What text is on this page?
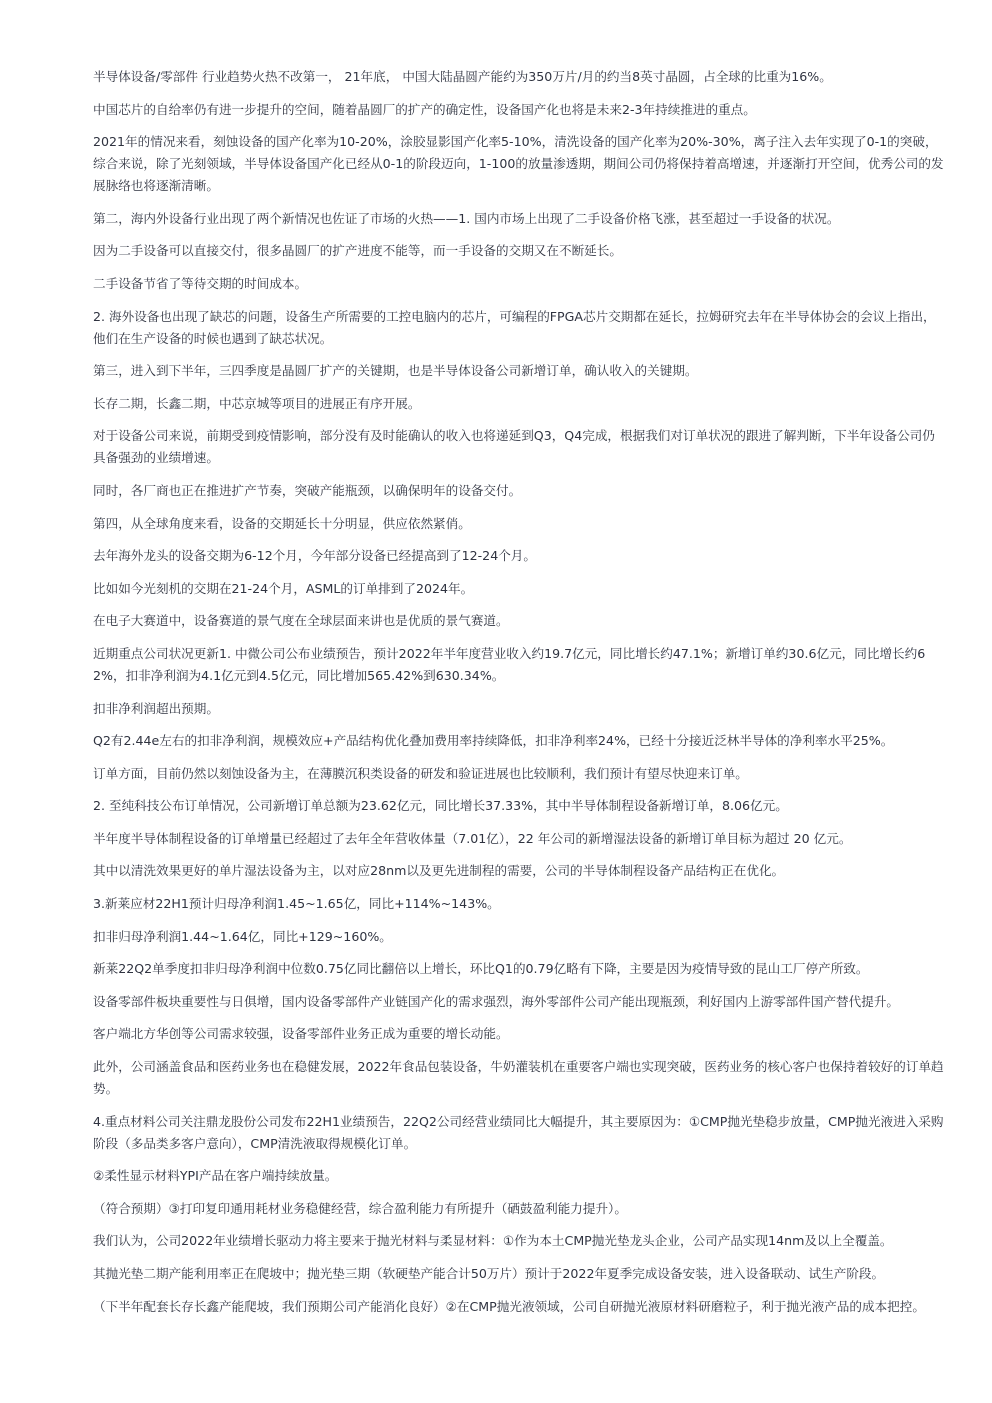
半导体设备/零部件 行业趋势火热不改第一， 21年底， 中国大陆晶圆产能约为350万片/月的约当8英寸晶圆，占全球的比重为16%。

中国芯片的自给率仍有进一步提升的空间，随着晶圆厂的扩产的确定性，设备国产化也将是未来2-3年持续推进的重点。

2021年的情况来看，刻蚀设备的国产化率为10-20%，涂胶显影国产化率5-10%，清洗设备的国产化率为20%-30%，离子注入去年实现了0-1的突破，综合来说，除了光刻领域，半导体设备国产化已经从0-1的阶段迈向，1-100的放量渗透期，期间公司仍将保持着高增速，并逐渐打开空间，优秀公司的发展脉络也将逐渐清晰。

第二，海内外设备行业出现了两个新情况也佐证了市场的火热——1. 国内市场上出现了二手设备价格飞涨，甚至超过一手设备的状况。

因为二手设备可以直接交付，很多晶圆厂的扩产进度不能等，而一手设备的交期又在不断延长。

二手设备节省了等待交期的时间成本。

2. 海外设备也出现了缺芯的问题，设备生产所需要的工控电脑内的芯片，可编程的FPGA芯片交期都在延长，拉姆研究去年在半导体协会的会议上指出，他们在生产设备的时候也遇到了缺芯状况。

第三，进入到下半年，三四季度是晶圆厂扩产的关键期，也是半导体设备公司新增订单，确认收入的关键期。

长存二期，长鑫二期，中芯京城等项目的进展正有序开展。

对于设备公司来说，前期受到疫情影响，部分没有及时能确认的收入也将递延到Q3，Q4完成，根据我们对订单状况的跟进了解判断，下半年设备公司仍具备强劲的业绩增速。

同时，各厂商也正在推进扩产节奏，突破产能瓶颈，以确保明年的设备交付。

第四，从全球角度来看，设备的交期延长十分明显，供应依然紧俏。

去年海外龙头的设备交期为6-12个月，今年部分设备已经提高到了12-24个月。

比如如今光刻机的交期在21-24个月，ASML的订单排到了2024年。

在电子大赛道中，设备赛道的景气度在全球层面来讲也是优质的景气赛道。

近期重点公司状况更新1. 中微公司公布业绩预告，预计2022年半年度营业收入约19.7亿元，同比增长约47.1%；新增订单约30.6亿元，同比增长约62%，扣非净利润为4.1亿元到4.5亿元，同比增加565.42%到630.34%。

扣非净利润超出预期。

Q2有2.44e左右的扣非净利润，规模效应+产品结构优化叠加费用率持续降低，扣非净利率24%，已经十分接近泛林半导体的净利率水平25%。

订单方面，目前仍然以刻蚀设备为主，在薄膜沉积类设备的研发和验证进展也比较顺利，我们预计有望尽快迎来订单。

2. 至纯科技公布订单情况，公司新增订单总额为23.62亿元，同比增长37.33%，其中半导体制程设备新增订单，8.06亿元。

半年度半导体制程设备的订单增量已经超过了去年全年营收体量（7.01亿），22 年公司的新增湿法设备的新增订单目标为超过 20 亿元。

其中以清洗效果更好的单片湿法设备为主，以对应28nm以及更先进制程的需要，公司的半导体制程设备产品结构正在优化。

3.新莱应材22H1预计归母净利润1.45~1.65亿，同比+114%~143%。

扣非归母净利润1.44~1.64亿，同比+129~160%。

新莱22Q2单季度扣非归母净利润中位数0.75亿同比翻倍以上增长，环比Q1的0.79亿略有下降，主要是因为疫情导致的昆山工厂停产所致。

设备零部件板块重要性与日俱增，国内设备零部件产业链国产化的需求强烈，海外零部件公司产能出现瓶颈，利好国内上游零部件国产替代提升。

客户端北方华创等公司需求较强，设备零部件业务正成为重要的增长动能。

此外，公司涵盖食品和医药业务也在稳健发展，2022年食品包装设备，牛奶灌装机在重要客户端也实现突破，医药业务的核心客户也保持着较好的订单趋势。

4.重点材料公司关注鼎龙股份公司发布22H1业绩预告，22Q2公司经营业绩同比大幅提升，其主要原因为：①CMP抛光垫稳步放量，CMP抛光液进入采购阶段（多品类多客户意向），CMP清洗液取得规模化订单。

②柔性显示材料YPI产品在客户端持续放量。

（符合预期）③打印复印通用耗材业务稳健经营，综合盈利能力有所提升（硒鼓盈利能力提升）。

我们认为，公司2022年业绩增长驱动力将主要来于抛光材料与柔显材料：①作为本土CMP抛光垫龙头企业，公司产品实现14nm及以上全覆盖。

其抛光垫二期产能利用率正在爬坡中；抛光垫三期（软硬垫产能合计50万片）预计于2022年夏季完成设备安装，进入设备联动、试生产阶段。

（下半年配套长存长鑫产能爬坡，我们预期公司产能消化良好）②在CMP抛光液领域，公司自研抛光液原材料研磨粒子，利于抛光液产品的成本把控。
